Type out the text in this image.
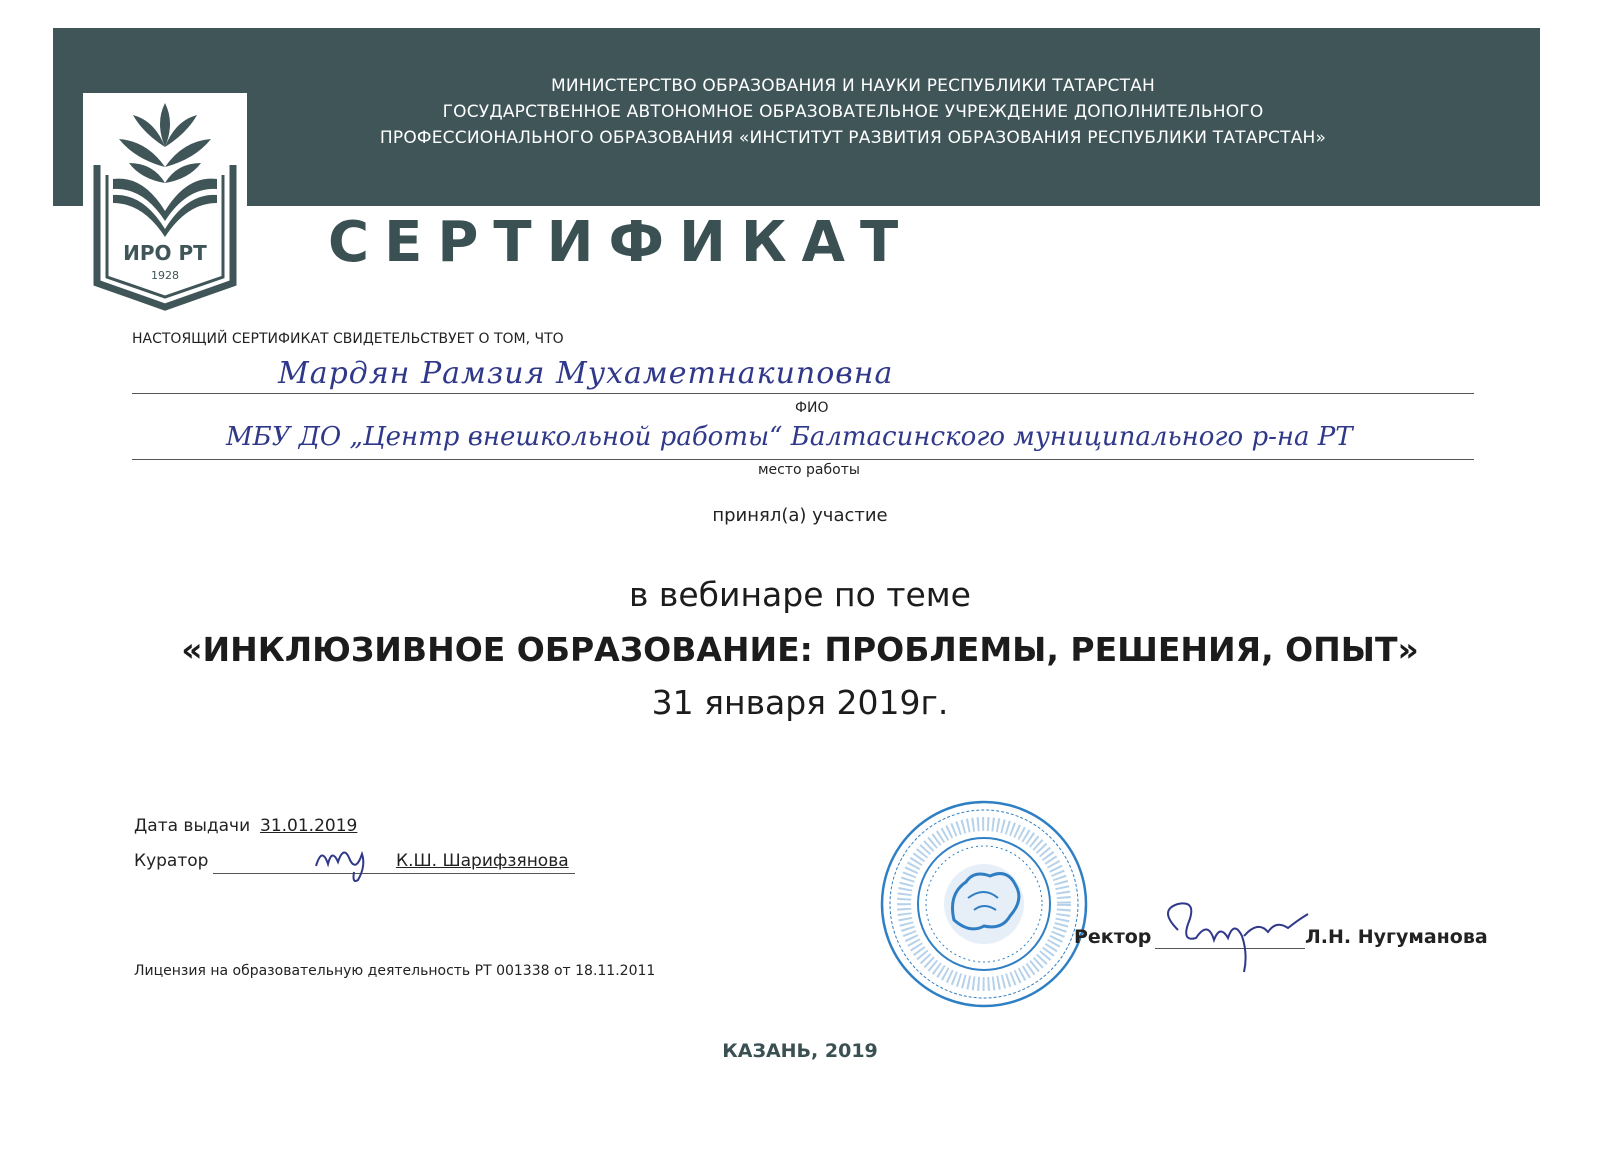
МИНИСТЕРСТВО ОБРАЗОВАНИЯ И НАУКИ РЕСПУБЛИКИ ТАТАРСТАН
ГОСУДАРСТВЕННОЕ АВТОНОМНОЕ ОБРАЗОВАТЕЛЬНОЕ УЧРЕЖДЕНИЕ ДОПОЛНИТЕЛЬНОГО
ПРОФЕССИОНАЛЬНОГО ОБРАЗОВАНИЯ «ИНСТИТУТ РАЗВИТИЯ ОБРАЗОВАНИЯ РЕСПУБЛИКИ ТАТАРСТАН»
ИРО РТ
1928
СЕРТИФИКАТ
НАСТОЯЩИЙ СЕРТИФИКАТ СВИДЕТЕЛЬСТВУЕТ О ТОМ, ЧТО
Мардян Рамзия Мухаметнакиповна
ФИО
МБУ ДО „Центр внешкольной работы“ Балтасинского муниципального р-на РТ
место работы
принял(а) участие
в вебинаре по теме
«ИНКЛЮЗИВНОЕ ОБРАЗОВАНИЕ: ПРОБЛЕМЫ, РЕШЕНИЯ, ОПЫТ»
31 января 2019г.
Дата выдачи 31.01.2019
Куратор	К.Ш. Шарифзянова
Лицензия на образовательную деятельность РТ 001338 от 18.11.2011
Ректор	Л.Н. Нугуманова
КАЗАНЬ, 2019
